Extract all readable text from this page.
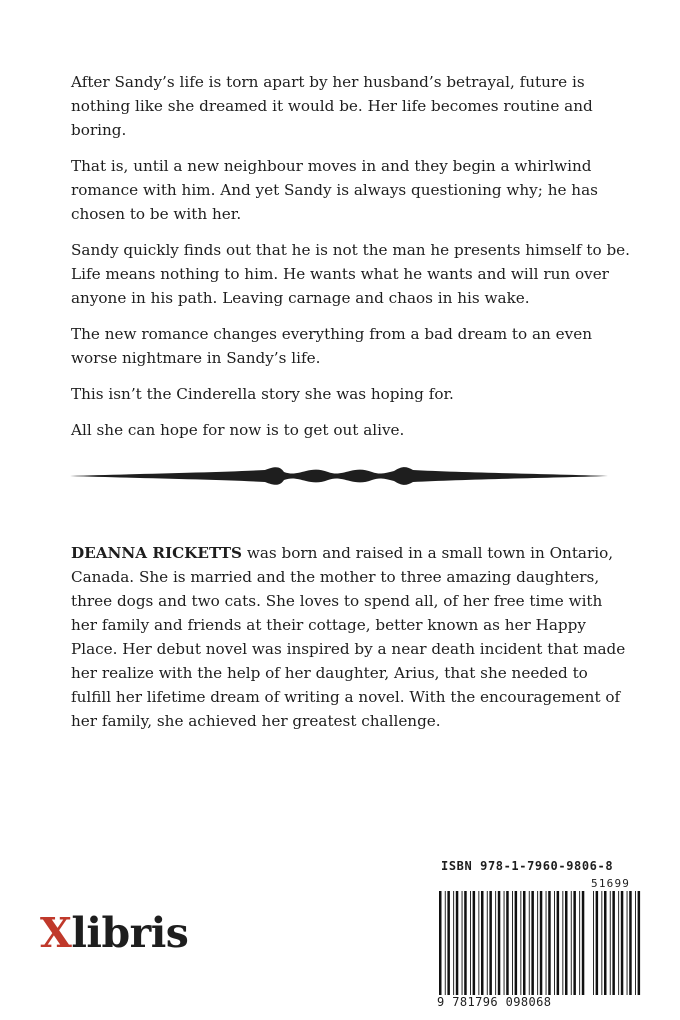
After Sandy’s life is torn apart by her husband’s betrayal, future is nothing like she dreamed it would be. Her life becomes routine and boring.

That is, until a new neighbour moves in and they begin a whirlwind romance with him. And yet Sandy is always questioning why; he has chosen to be with her.

Sandy quickly finds out that he is not the man he presents himself to be. Life means nothing to him. He wants what he wants and will run over anyone in his path. Leaving carnage and chaos in his wake.

The new romance changes everything from a bad dream to an even worse nightmare in Sandy’s life.

This isn’t the Cinderella story she was hoping for.

All she can hope for now is to get out alive.

DEANNA RICKETTS was born and raised in a small town in Ontario, Canada. She is married and the mother to three amazing daughters, three dogs and two cats. She loves to spend all, of her free time with her family and friends at their cottage, better known as her Happy Place. Her debut novel was inspired by a near death incident that made her realize with the help of her daughter, Arius, that she needed to fulfill her lifetime dream of writing a novel. With the encouragement of her family, she achieved her greatest challenge.

Xlibris
ISBN 978-1-7960-9806-8
51699
9 781796 098068
